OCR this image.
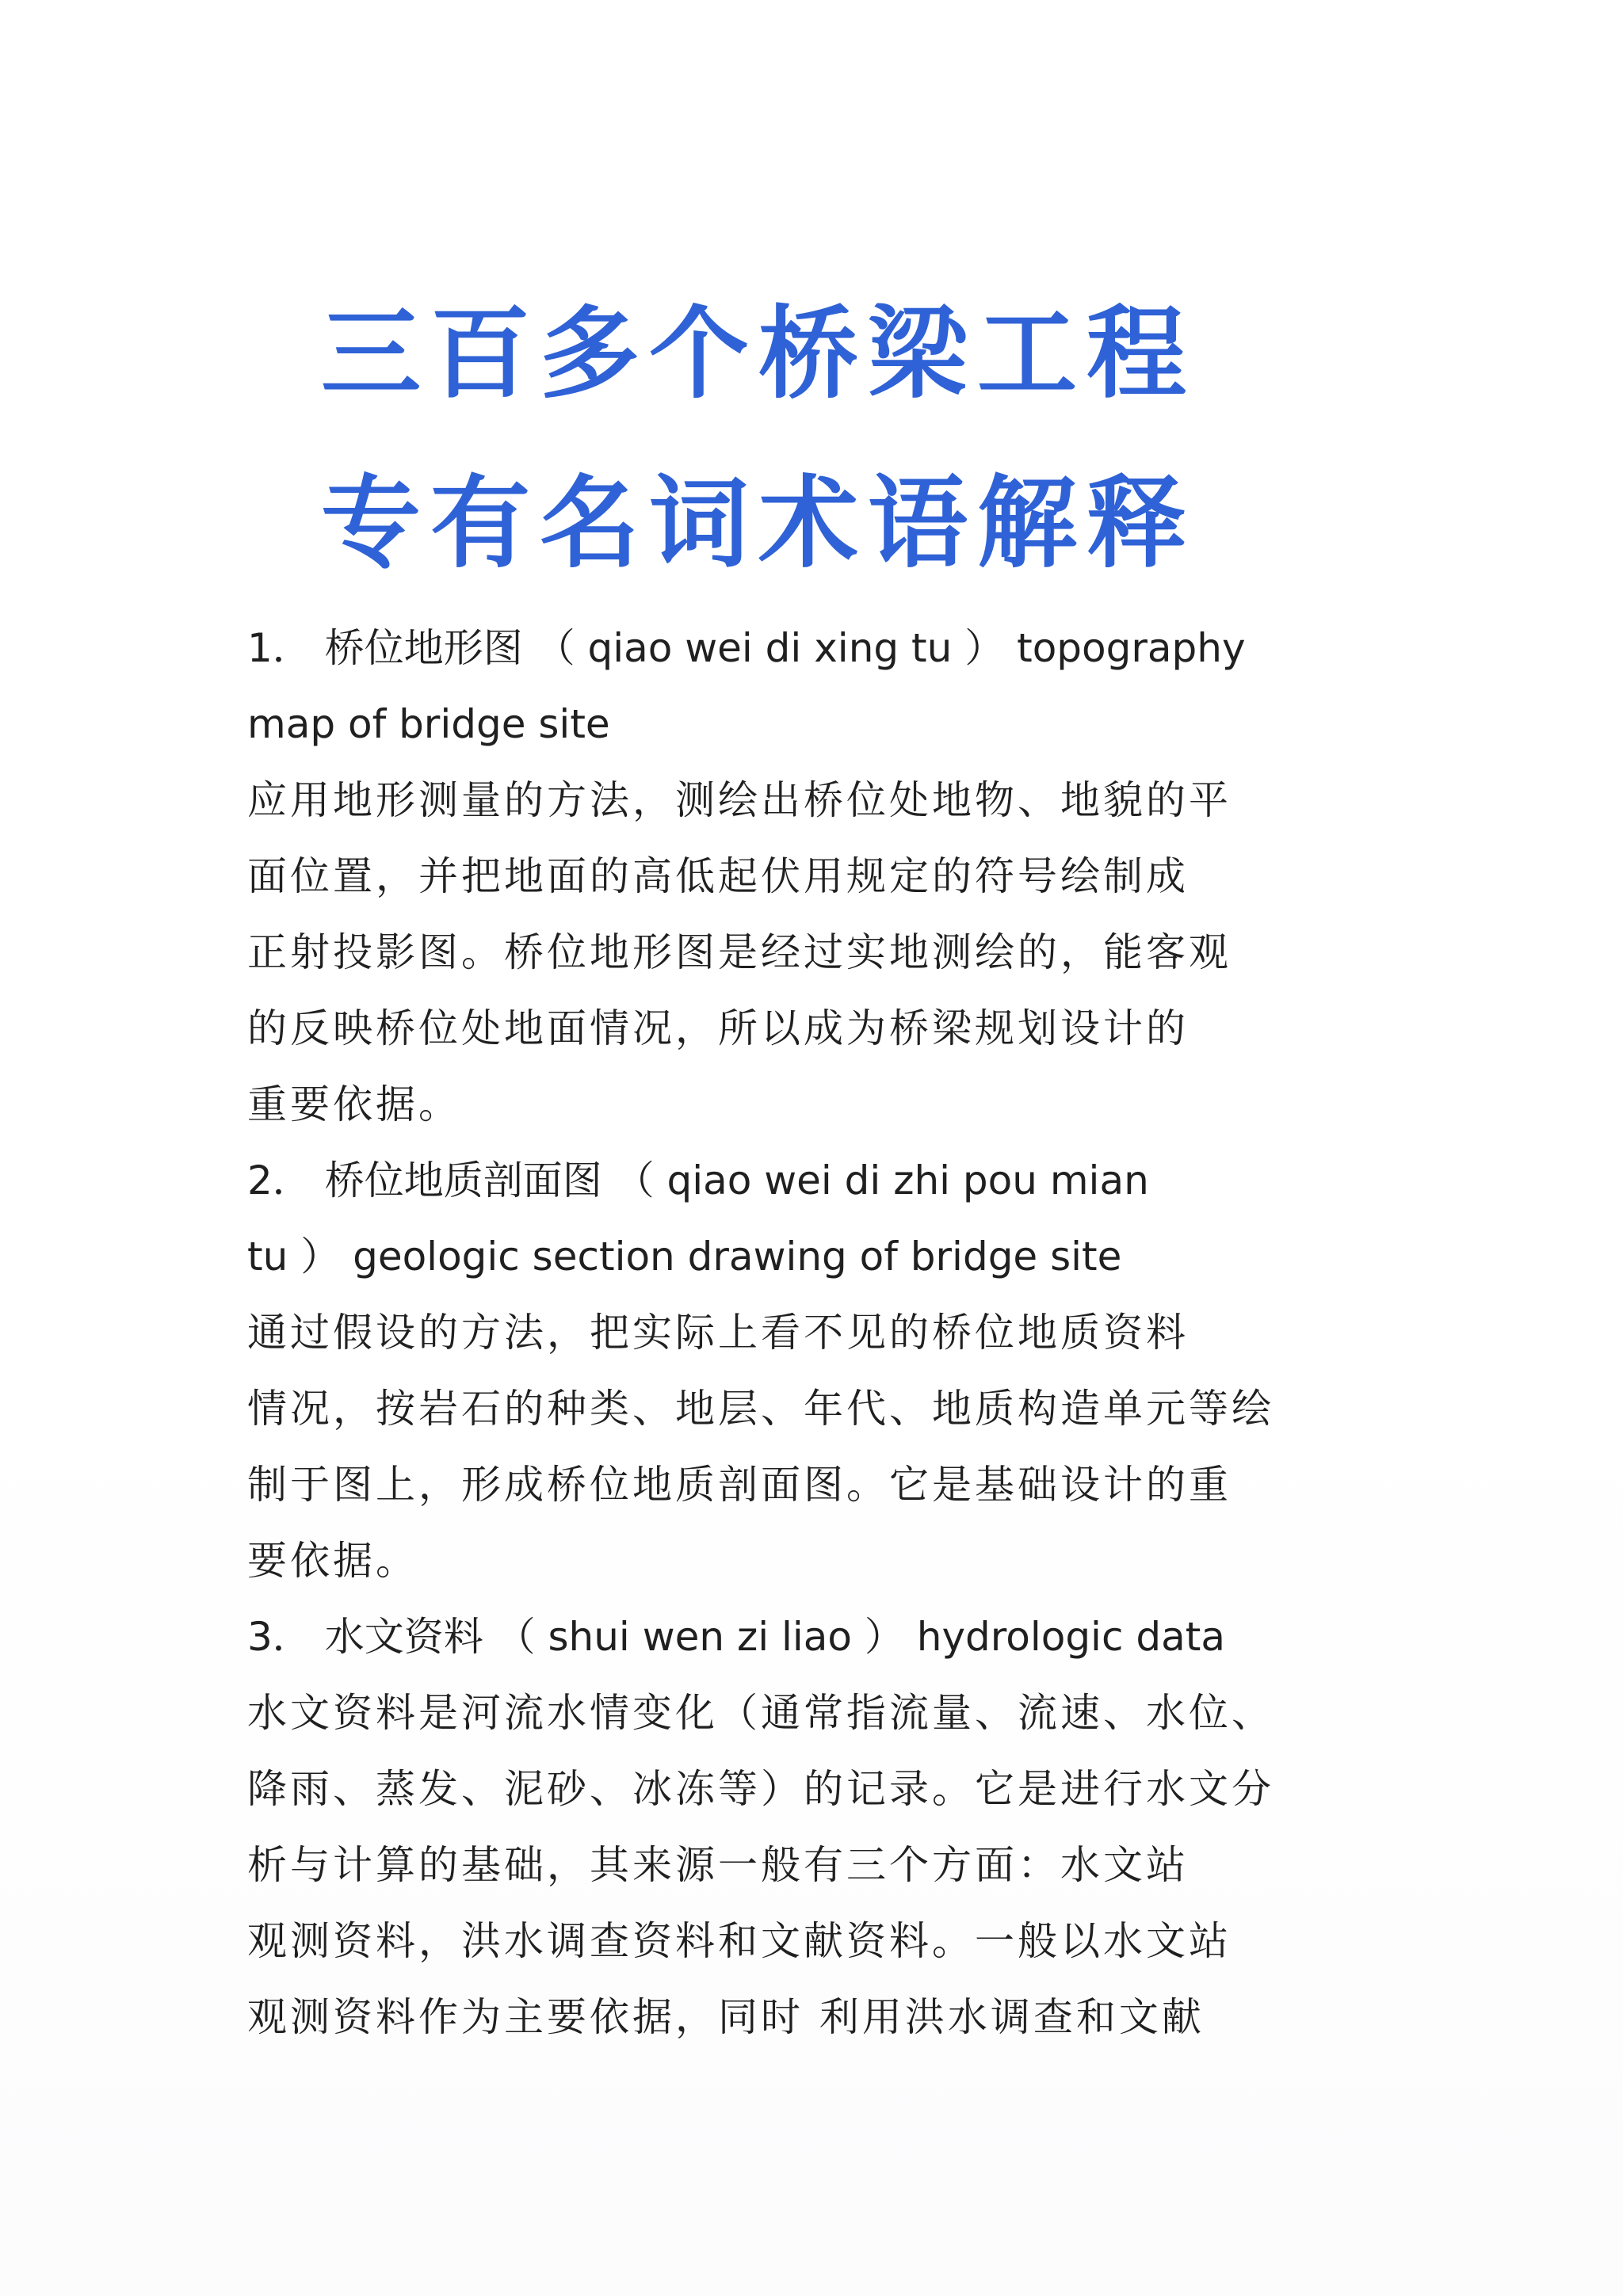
三百多个桥梁工程
专有名词术语解释
1． 桥位地形图 （ qiao wei di xing tu ） topography
map of bridge site
应用地形测量的方法，测绘出桥位处地物、地貌的平
面位置，并把地面的高低起伏用规定的符号绘制成
正射投影图。桥位地形图是经过实地测绘的，能客观
的反映桥位处地面情况，所以成为桥梁规划设计的
重要依据。
2． 桥位地质剖面图 （ qiao wei di zhi pou mian
tu ） geologic section drawing of bridge site
通过假设的方法，把实际上看不见的桥位地质资料
情况，按岩石的种类、地层、年代、地质构造单元等绘
制于图上，形成桥位地质剖面图。它是基础设计的重
要依据。
3． 水文资料 （ shui wen zi liao ） hydrologic data
水文资料是河流水情变化（通常指流量、流速、水位、
降雨、蒸发、泥砂、冰冻等）的记录。它是进行水文分
析与计算的基础，其来源一般有三个方面：水文站
观测资料，洪水调查资料和文献资料。一般以水文站
观测资料作为主要依据，同时 利用洪水调查和文献
